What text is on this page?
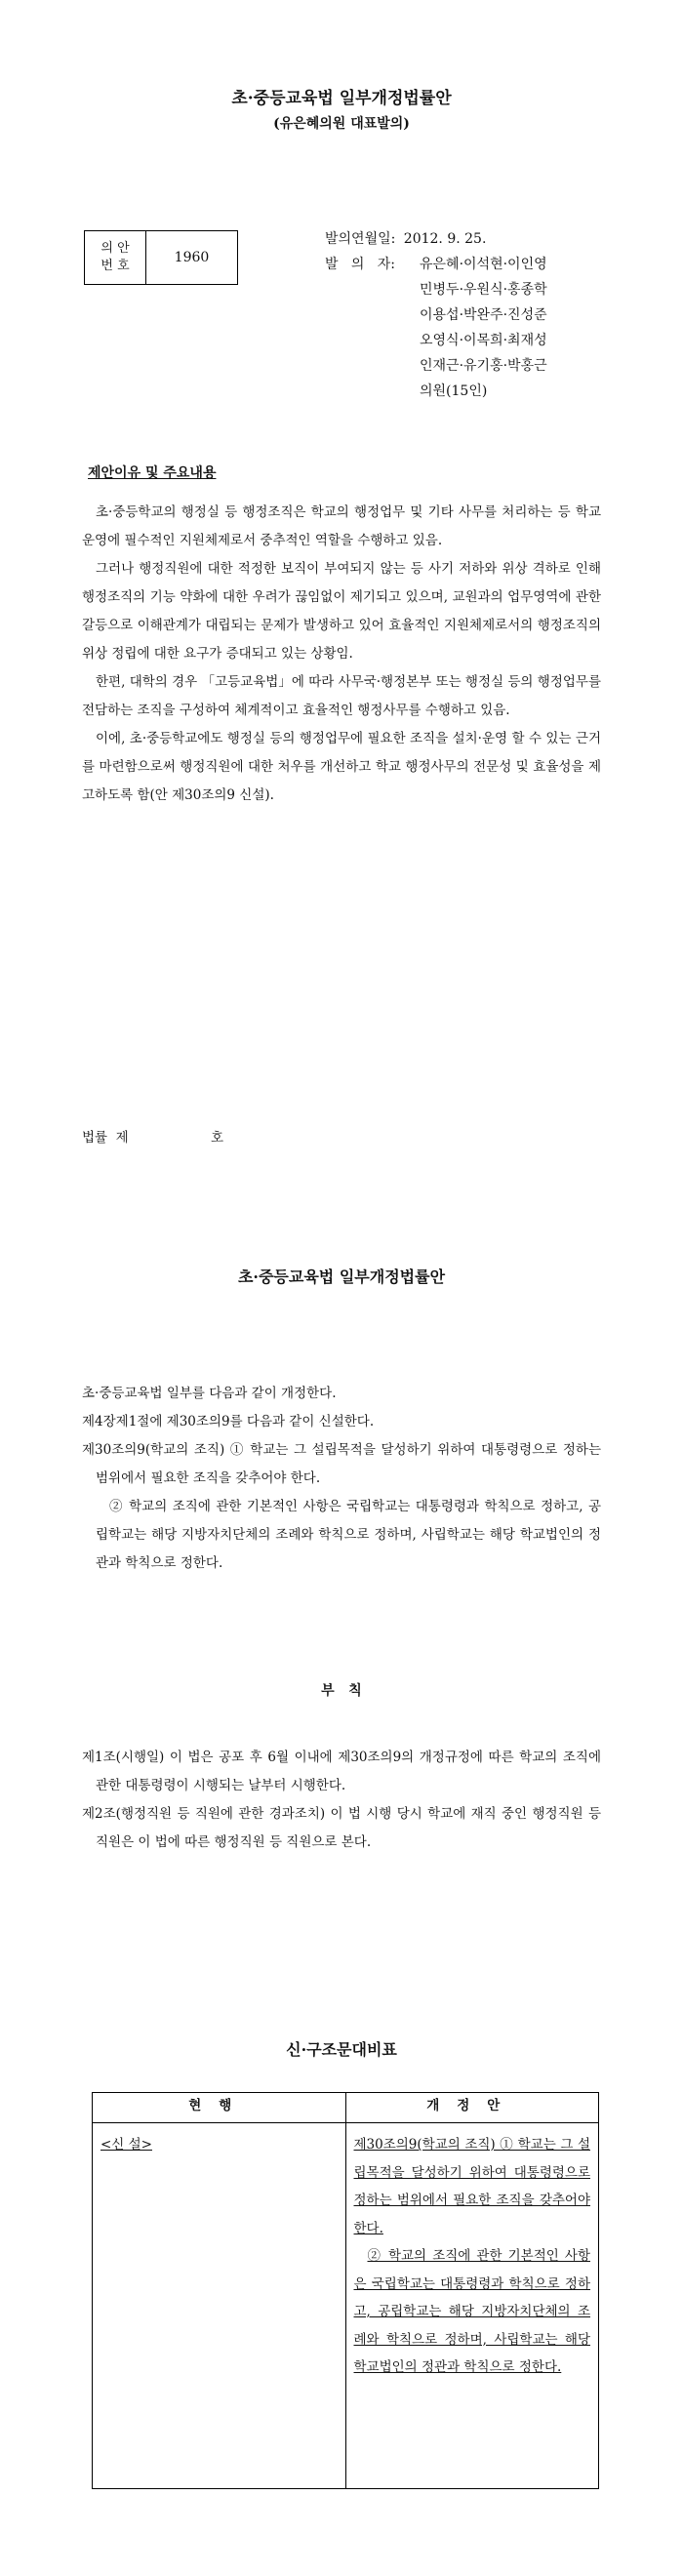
초·중등교육법 일부개정법률안
(유은혜의원 대표발의)
의 안
번 호
1960
발의연월일: 2012. 9. 25.
발   의   자:	유은혜·이석현·이인영
민병두·우원식·홍종학
이용섭·박완주·진성준
오영식·이목희·최재성
인재근·유기홍·박홍근
의원(15인)
제안이유 및 주요내용

초·중등학교의 행정실 등 행정조직은 학교의 행정업무 및 기타 사무를 처리하는 등 학교운영에 필수적인 지원체제로서 중추적인 역할을 수행하고 있음.

그러나 행정직원에 대한 적정한 보직이 부여되지 않는 등 사기 저하와 위상 격하로 인해 행정조직의 기능 약화에 대한 우려가 끊임없이 제기되고 있으며, 교원과의 업무영역에 관한 갈등으로 이해관계가 대립되는 문제가 발생하고 있어 효율적인 지원체제로서의 행정조직의 위상 정립에 대한 요구가 증대되고 있는 상황임.

한편, 대학의 경우 「고등교육법」에 따라 사무국·행정본부 또는 행정실 등의 행정업무를 전담하는 조직을 구성하여 체계적이고 효율적인 행정사무를 수행하고 있음.

이에, 초·중등학교에도 행정실 등의 행정업무에 필요한 조직을 설치·운영 할 수 있는 근거를 마련함으로써 행정직원에 대한 처우를 개선하고 학교 행정사무의 전문성 및 효율성을 제고하도록 함(안 제30조의9 신설).

법률  제	호
초·중등교육법 일부개정법률안

초·중등교육법 일부를 다음과 같이 개정한다.

제4장제1절에 제30조의9를 다음과 같이 신설한다.

제30조의9(학교의 조직) ① 학교는 그 설립목적을 달성하기 위하여 대통령령으로 정하는 범위에서 필요한 조직을 갖추어야 한다.

② 학교의 조직에 관한 기본적인 사항은 국립학교는 대통령령과 학칙으로 정하고, 공립학교는 해당 지방자치단체의 조례와 학칙으로 정하며, 사립학교는 해당 학교법인의 정관과 학칙으로 정한다.

부   칙

제1조(시행일) 이 법은 공포 후 6월 이내에 제30조의9의 개정규정에 따른 학교의 조직에 관한 대통령령이 시행되는 날부터 시행한다.

제2조(행정직원 등 직원에 관한 경과조치) 이 법 시행 당시 학교에 재직 중인 행정직원 등 직원은 이 법에 따른 행정직원 등 직원으로 본다.

신·구조문대비표
현행	개정안
<신 설>	제30조의9(학교의 조직) ① 학교는 그 설립목적을 달성하기 위하여 대통령령으로 정하는 범위에서 필요한 조직을 갖추어야 한다.
② 학교의 조직에 관한 기본적인 사항은 국립학교는 대통령령과 학칙으로 정하고, 공립학교는 해당 지방자치단체의 조례와 학칙으로 정하며, 사립학교는 해당 학교법인의 정관과 학칙으로 정한다.
